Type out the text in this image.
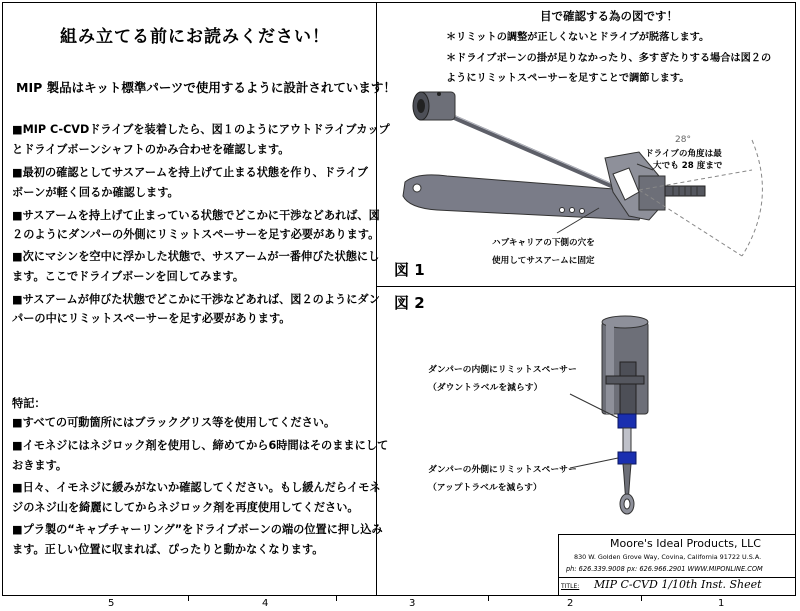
組み立てる前にお読みください！
MIP 製品はキット標準パーツで使用するように設計されています！

■MIP C-CVDドライブを装着したら、図１のようにアウトドライブカップ

とドライブボーンシャフトのかみ合わせを確認します。

■最初の確認としてサスアームを持上げて止まる状態を作り、ドライブ

ボーンが軽く回るか確認します。

■サスアームを持上げて止まっている状態でどこかに干渉などあれば、図

２のようにダンパーの外側にリミットスペーサーを足す必要があります。

■次にマシンを空中に浮かした状態で、サスアームが一番伸びた状態にし

ます。ここでドライブボーンを回してみます。

■サスアームが伸びた状態でどこかに干渉などあれば、図２のようにダン

パーの中にリミットスペーサーを足す必要があります。

特記：

■すべての可動箇所にはブラックグリス等を使用してください。

■イモネジにはネジロック剤を使用し、締めてから6時間はそのままにして

おきます。

■日々、イモネジに緩みがないか確認してください。もし緩んだらイモネ

ジのネジ山を綺麗にしてからネジロック剤を再度使用してください。

■プラ製の“キャプチャーリング”をドライブボーンの端の位置に押し込み

ます。正しい位置に収まれば、ぴったりと動かなくなります。

目で確認する為の図です！
＊リミットの調整が正しくないとドライブが脱落します。
＊ドライブボーンの掛が足りなかったり、多すぎたりする場合は図２の
ようにリミットスペーサーを足すことで調節します。
28°
ドライブの角度は最
大でも 28 度まで
ハブキャリアの下側の穴を
使用してサスアームに固定
図 1
図 2
ダンパーの内側にリミットスペーサー
（ダウントラベルを減らす）
ダンパーの外側にリミットスペーサー
（アップトラベルを減らす）
Moore's Ideal Products, LLC
830 W. Golden Grove Way, Covina, California 91722 U.S.A.
ph: 626.339.9008 px: 626.966.2901 WWW.MIPONLINE.COM
TITLE: MIP C-CVD 1/10th Inst. Sheet
5	4	3	2	1
